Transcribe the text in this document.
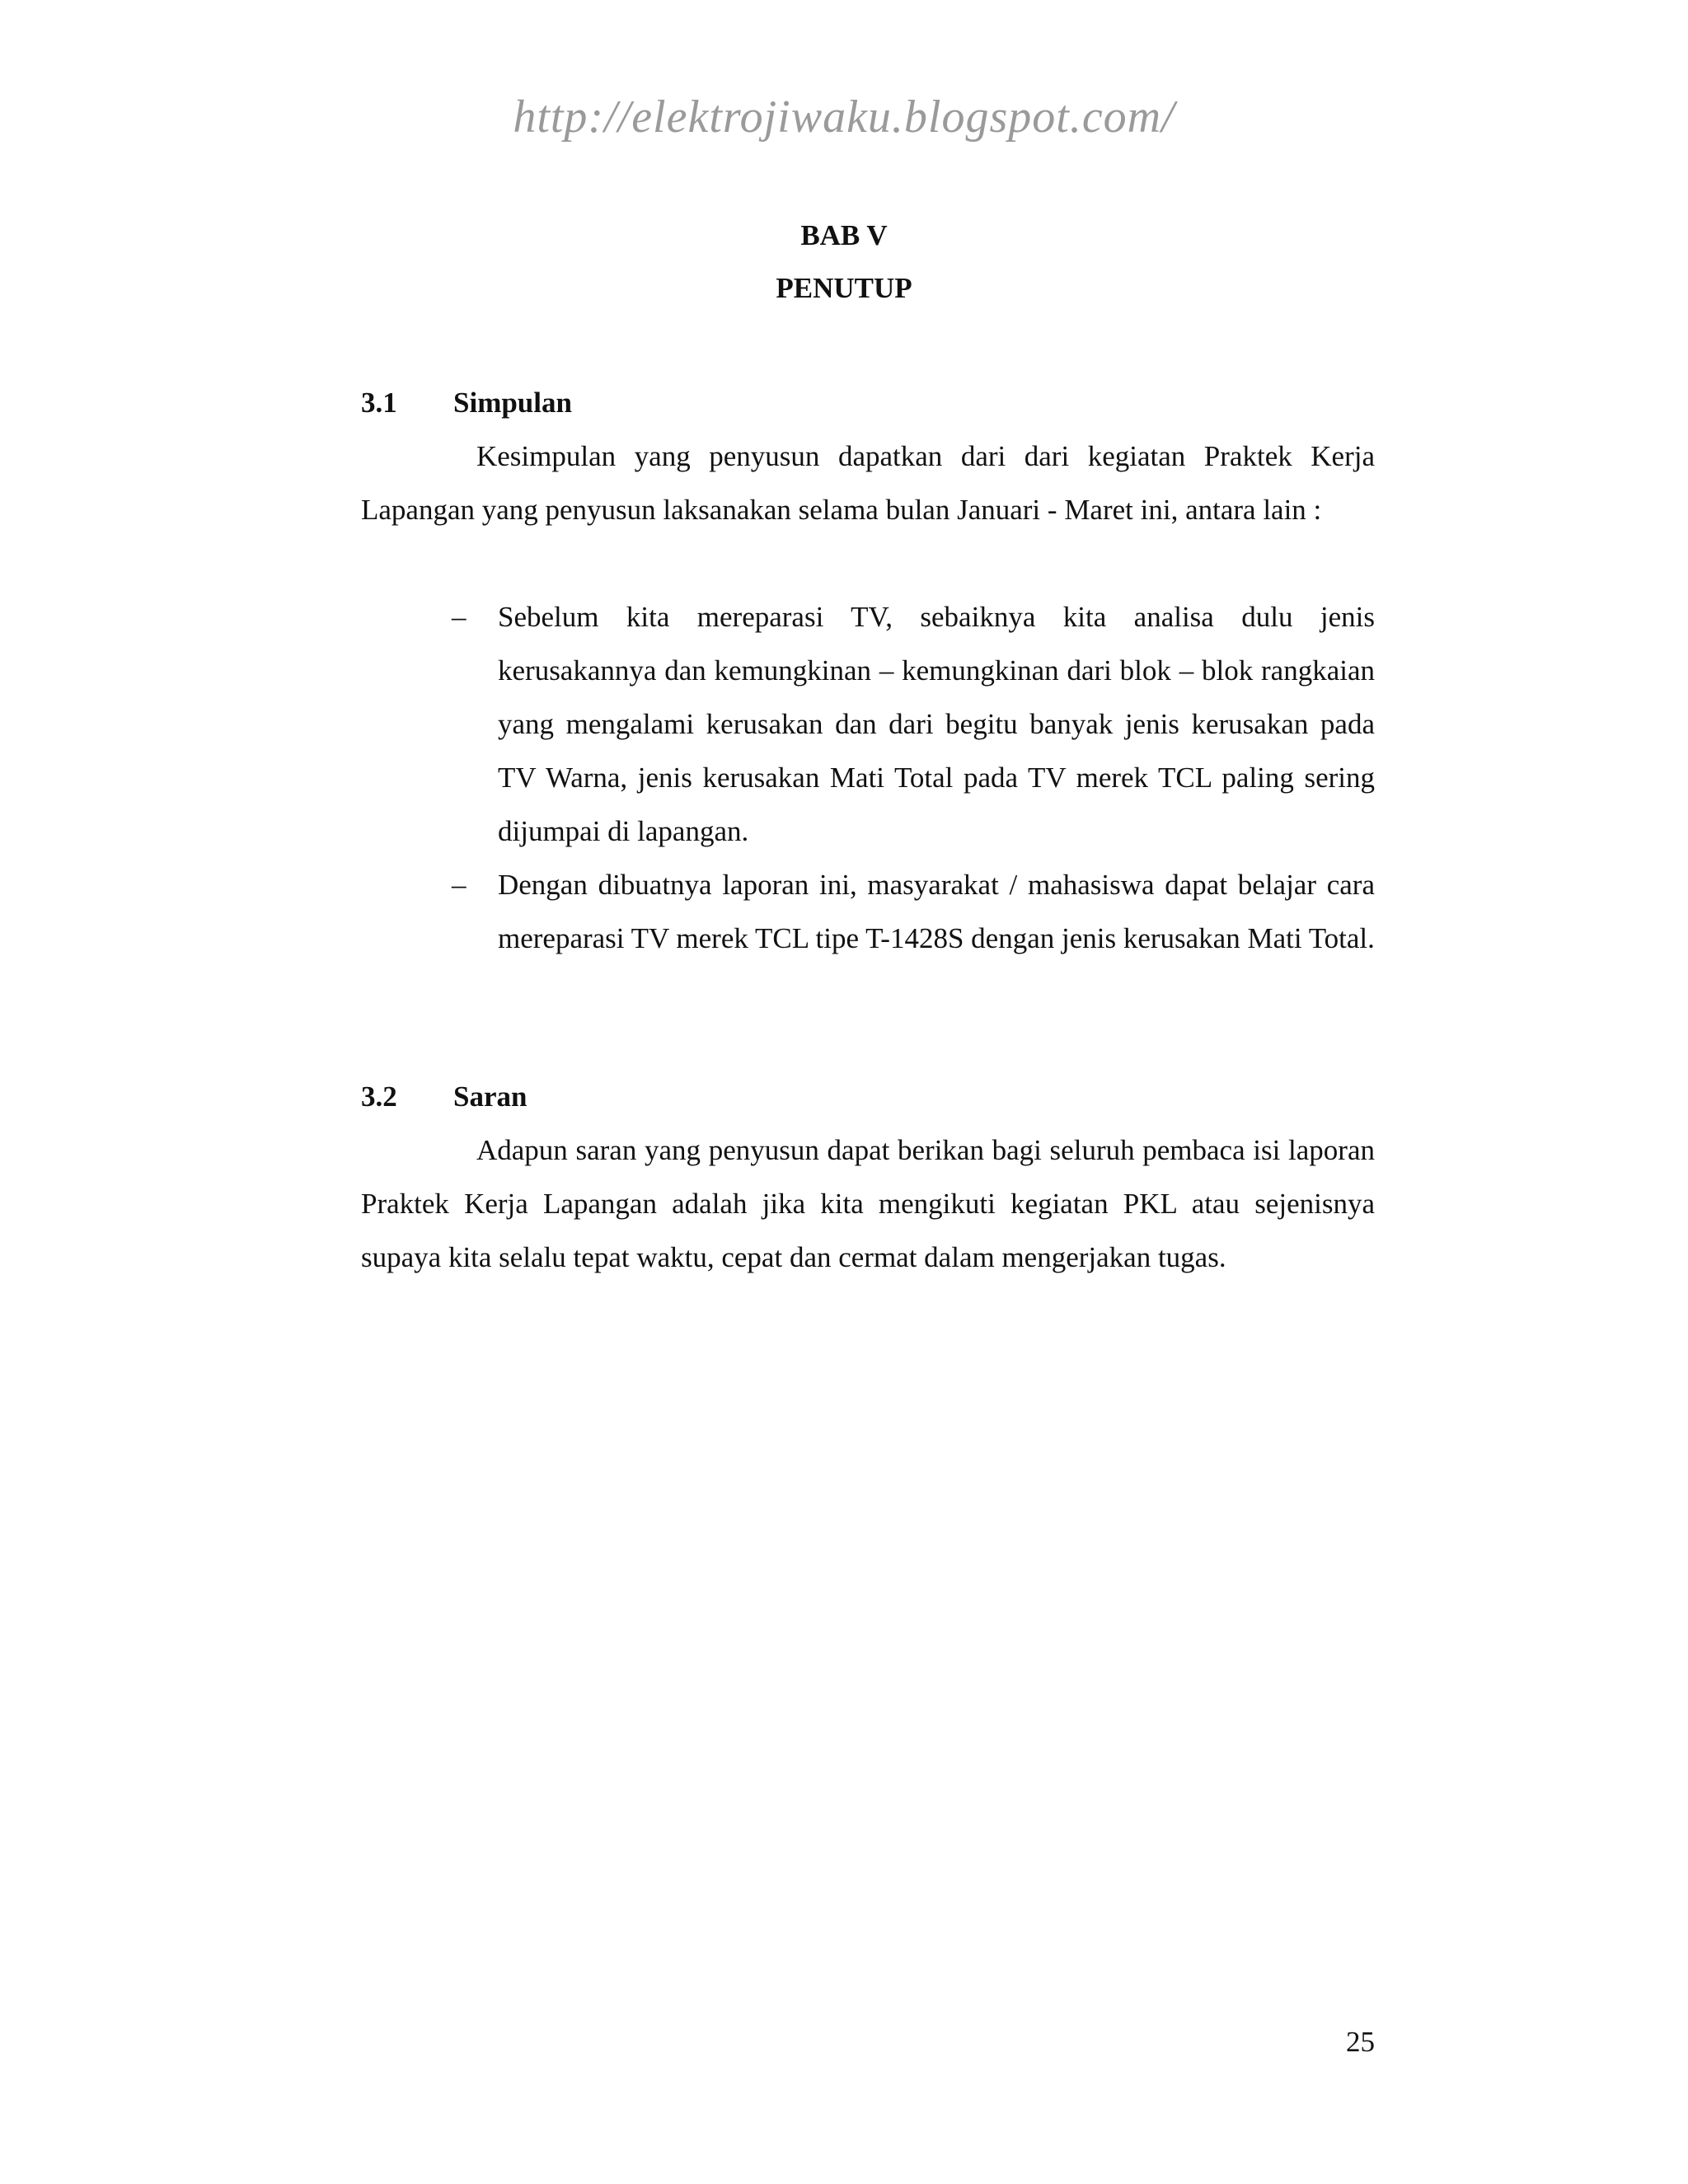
http://elektrojiwaku.blogspot.com/
BAB V
PENUTUP
3.1 Simpulan

Kesimpulan yang penyusun dapatkan dari dari kegiatan Praktek Kerja Lapangan yang penyusun laksanakan selama bulan Januari - Maret ini, antara lain :

–	Sebelum kita mereparasi TV, sebaiknya kita analisa dulu jenis kerusakannya dan kemungkinan – kemungkinan dari blok – blok rangkaian yang mengalami kerusakan dan dari begitu banyak jenis kerusakan pada TV Warna, jenis kerusakan Mati Total pada TV merek TCL paling sering dijumpai di lapangan.
–	Dengan dibuatnya laporan ini, masyarakat / mahasiswa dapat belajar cara mereparasi TV merek TCL tipe T-1428S dengan jenis kerusakan Mati Total.
3.2 Saran

Adapun saran yang penyusun dapat berikan bagi seluruh pembaca isi laporan Praktek Kerja Lapangan adalah jika kita mengikuti kegiatan PKL atau sejenisnya supaya kita selalu tepat waktu, cepat dan cermat dalam mengerjakan tugas.

25
